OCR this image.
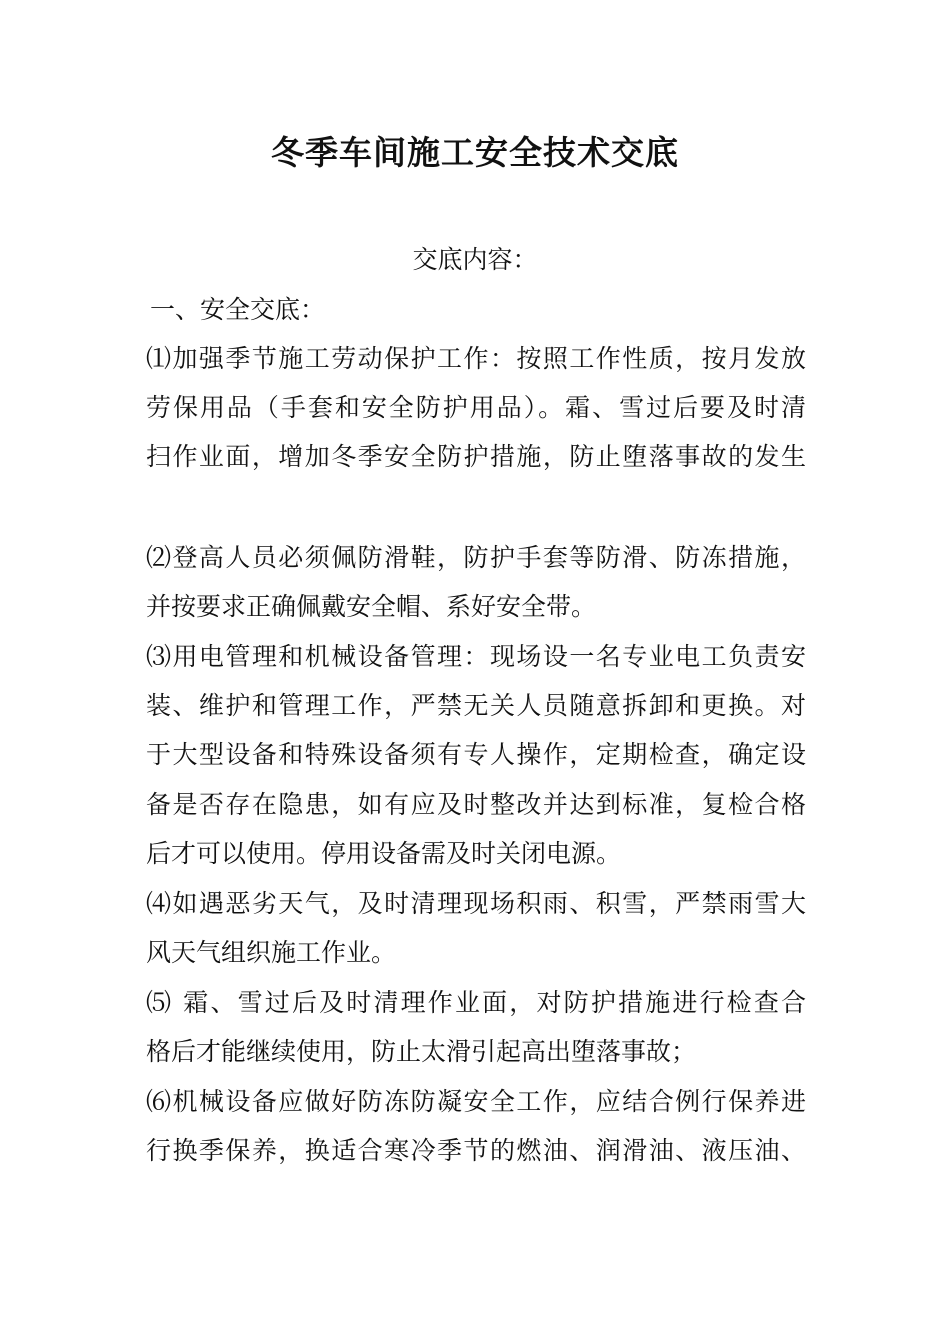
冬季车间施工安全技术交底
交底内容：
一、安全交底：
⑴加强季节施工劳动保护工作：按照工作性质，按月发放
劳保用品（手套和安全防护用品）。霜、雪过后要及时清
扫作业面，增加冬季安全防护措施，防止堕落事故的发生
⑵登高人员必须佩防滑鞋，防护手套等防滑、防冻措施，
并按要求正确佩戴安全帽、系好安全带。
⑶用电管理和机械设备管理：现场设一名专业电工负责安
装、维护和管理工作，严禁无关人员随意拆卸和更换。对
于大型设备和特殊设备须有专人操作，定期检查，确定设
备是否存在隐患，如有应及时整改并达到标准，复检合格
后才可以使用。停用设备需及时关闭电源。
⑷如遇恶劣天气，及时清理现场积雨、积雪，严禁雨雪大
风天气组织施工作业。
⑸ 霜、雪过后及时清理作业面，对防护措施进行检查合
格后才能继续使用，防止太滑引起高出堕落事故；
⑹机械设备应做好防冻防凝安全工作，应结合例行保养进
行换季保养，换适合寒冷季节的燃油、润滑油、液压油、
